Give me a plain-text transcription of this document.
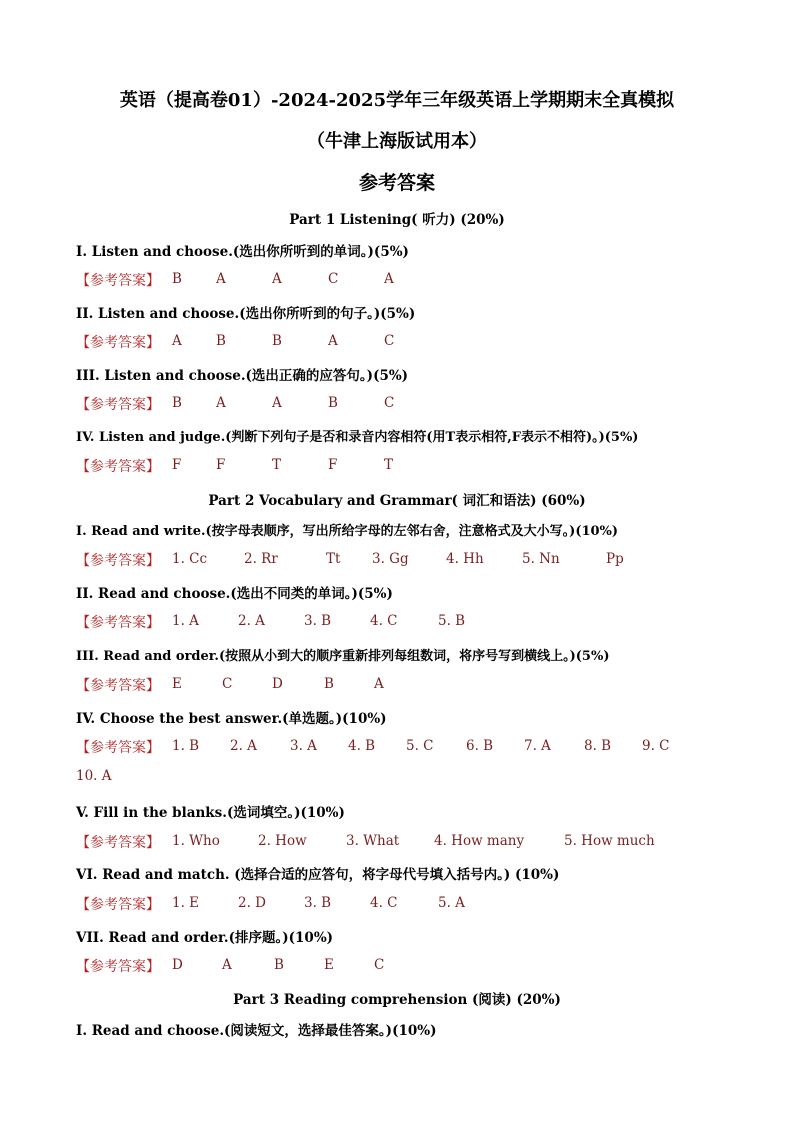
英语（提高卷01）-2024-2025学年三年级英语上学期期末全真模拟
（牛津上海版试用本）
参考答案
Part 1 Listening( 听力) (20%)
I. Listen and choose.(选出你所听到的单词。)(5%)
【参考答案】 B	A	A	C	A
II. Listen and choose.(选出你所听到的句子。)(5%)
【参考答案】 A	B	B	A	C
III. Listen and choose.(选出正确的应答句。)(5%)
【参考答案】 B	A	A	B	C
IV. Listen and judge.(判断下列句子是否和录音内容相符(用T表示相符,F表示不相符)。)(5%)
【参考答案】 F	F	T	F	T
Part 2 Vocabulary and Grammar( 词汇和语法) (60%)
I. Read and write.(按字母表顺序，写出所给字母的左邻右舍，注意格式及大小写。)(10%)
【参考答案】 1. Cc	2. Rr	Tt 3. Gg	4. Hh	5. Nn	Pp
II. Read and choose.(选出不同类的单词。)(5%)
【参考答案】 1. A	2. A	3. B	4. C	5. B
III. Read and order.(按照从小到大的顺序重新排列每组数词，将序号写到横线上。)(5%)
【参考答案】 E	C	D	B	A
IV. Choose the best answer.(单选题。)(10%)
【参考答案】 1. B 2. A 3. A 4. B 5. C 6. B 7. A 8. B 9. C
10. A
V. Fill in the blanks.(选词填空。)(10%)
【参考答案】 1. Who	2. How	3. What	4. How many	5. How much
VI. Read and match. (选择合适的应答句，将字母代号填入括号内。) (10%)
【参考答案】 1. E	2. D	3. B	4. C	5. A
VII. Read and order.(排序题。)(10%)
【参考答案】 D	A	B	E	C
Part 3 Reading comprehension (阅读) (20%)
I. Read and choose.(阅读短文，选择最佳答案。)(10%)
